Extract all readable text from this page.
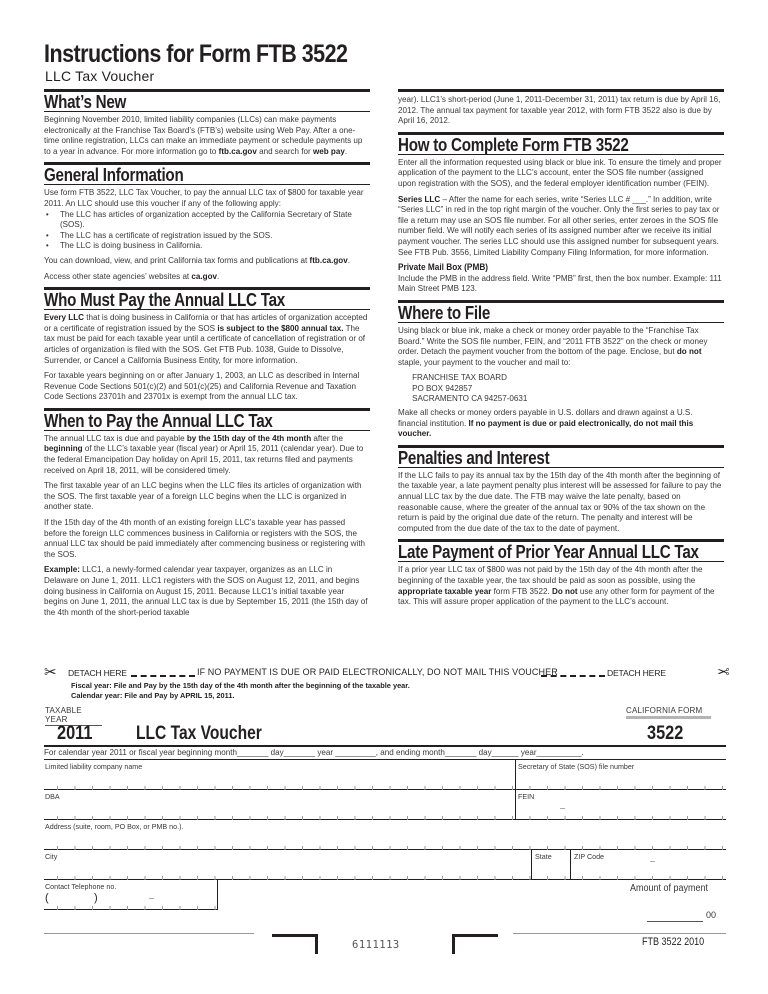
Instructions for Form FTB 3522
LLC Tax Voucher
What’s New

Beginning November 2010, limited liability companies (LLCs) can make payments electronically at the Franchise Tax Board’s (FTB’s) website using Web Pay. After a one-time online registration, LLCs can make an immediate payment or schedule payments up to a year in advance. For more information go to ftb.ca.gov and search for web pay.

General Information

Use form FTB 3522, LLC Tax Voucher, to pay the annual LLC tax of $800 for taxable year 2011. An LLC should use this voucher if any of the following apply:

• The LLC has articles of organization accepted by the California Secretary of State (SOS).
• The LLC has a certificate of registration issued by the SOS.
• The LLC is doing business in California.

You can download, view, and print California tax forms and publications at ftb.ca.gov.

Access other state agencies’ websites at ca.gov.

Who Must Pay the Annual LLC Tax

Every LLC that is doing business in California or that has articles of organization accepted or a certificate of registration issued by the SOS is subject to the $800 annual tax. The tax must be paid for each taxable year until a certificate of cancellation of registration or of articles of organization is filed with the SOS. Get FTB Pub. 1038, Guide to Dissolve, Surrender, or Cancel a California Business Entity, for more information.

For taxable years beginning on or after January 1, 2003, an LLC as described in Internal Revenue Code Sections 501(c)(2) and 501(c)(25) and California Revenue and Taxation Code Sections 23701h and 23701x is exempt from the annual LLC tax.

When to Pay the Annual LLC Tax

The annual LLC tax is due and payable by the 15th day of the 4th month after the beginning of the LLC’s taxable year (fiscal year) or April 15, 2011 (calendar year). Due to the federal Emancipation Day holiday on April 15, 2011, tax returns filed and payments received on April 18, 2011, will be considered timely.

The first taxable year of an LLC begins when the LLC files its articles of organization with the SOS. The first taxable year of a foreign LLC begins when the LLC is organized in another state.

If the 15th day of the 4th month of an existing foreign LLC’s taxable year has passed before the foreign LLC commences business in California or registers with the SOS, the annual LLC tax should be paid immediately after commencing business or registering with the SOS.

Example: LLC1, a newly-formed calendar year taxpayer, organizes as an LLC in Delaware on June 1, 2011. LLC1 registers with the SOS on August 12, 2011, and begins doing business in California on August 15, 2011. Because LLC1’s initial taxable year begins on June 1, 2011, the annual LLC tax is due by September 15, 2011 (the 15th day of the 4th month of the short-period taxable

year). LLC1’s short-period (June 1, 2011-December 31, 2011) tax return is due by April 16, 2012. The annual tax payment for taxable year 2012, with form FTB 3522 also is due by April 16, 2012.

How to Complete Form FTB 3522

Enter all the information requested using black or blue ink. To ensure the timely and proper application of the payment to the LLC’s account, enter the SOS file number (assigned upon registration with the SOS), and the federal employer identification number (FEIN).

Series LLC – After the name for each series, write “Series LLC # ___.” In addition, write “Series LLC” in red in the top right margin of the voucher. Only the first series to pay tax or file a return may use an SOS file number. For all other series, enter zeroes in the SOS file number field. We will notify each series of its assigned number after we receive its initial payment voucher. The series LLC should use this assigned number for subsequent years. See FTB Pub. 3556, Limited Liability Company Filing Information, for more information.

Private Mail Box (PMB)

Include the PMB in the address field. Write “PMB” first, then the box number. Example: 111 Main Street PMB 123.

Where to File

Using black or blue ink, make a check or money order payable to the “Franchise Tax Board.” Write the SOS file number, FEIN, and “2011 FTB 3522” on the check or money order. Detach the payment voucher from the bottom of the page. Enclose, but do not staple, your payment to the voucher and mail to:

FRANCHISE TAX BOARD
PO BOX 942857
SACRAMENTO CA 94257-0631

Make all checks or money orders payable in U.S. dollars and drawn against a U.S. financial institution. If no payment is due or paid electronically, do not mail this voucher.

Penalties and Interest

If the LLC fails to pay its annual tax by the 15th day of the 4th month after the beginning of the taxable year, a late payment penalty plus interest will be assessed for failure to pay the annual LLC tax by the due date. The FTB may waive the late penalty, based on reasonable cause, where the greater of the annual tax or 90% of the tax shown on the return is paid by the original due date of the return. The penalty and interest will be computed from the due date of the tax to the date of payment.

Late Payment of Prior Year Annual LLC Tax

If a prior year LLC tax of $800 was not paid by the 15th day of the 4th month after the beginning of the taxable year, the tax should be paid as soon as possible, using the appropriate taxable year form FTB 3522. Do not use any other form for payment of the tax. This will assure proper application of the payment to the LLC’s account.

✂ DETACH HERE	IF NO PAYMENT IS DUE OR PAID ELECTRONICALLY, DO NOT MAIL THIS VOUCHER	DETACH HERE	✂
Fiscal year: File and Pay by the 15th day of the 4th month after the beginning of the taxable year.
Calendar year: File and Pay by APRIL 15, 2011.
TAXABLE YEAR
CALIFORNIA FORM
2011 LLC Tax Voucher	3522
For calendar year 2011 or fiscal year beginning month_______ day_______ year _________, and ending month_______ day______ year__________.
Limited liability company name	Secretary of State (SOS) file number
DBA	FEIN
Address (suite, room, PO Box, or PMB no.).
City	State	ZIP Code
Contact Telephone no.
(	)
Amount of payment
00
6111113	FTB 3522 2010
